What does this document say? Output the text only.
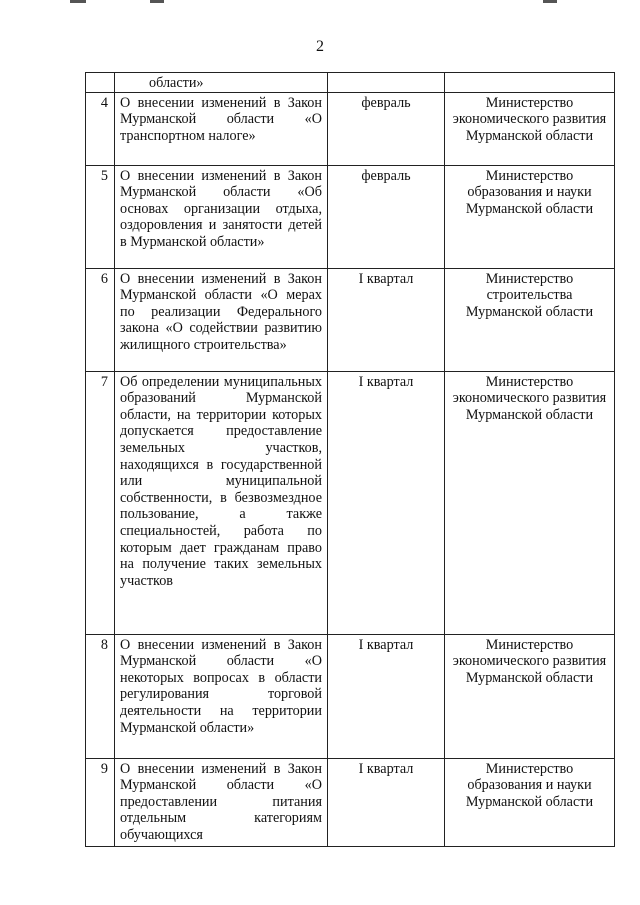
2
	области»		
4	О внесении изменений в Закон Мурманской области «О транспортном налоге»	февраль	Министерство экономического развития Мурманской области
5	О внесении изменений в Закон Мурманской области «Об основах организации отдыха, оздоровления и занятости детей в Мурманской области»	февраль	Министерство образования и науки Мурманской области
6	О внесении изменений в Закон Мурманской области «О мерах по реализации Федерального закона «О содействии развитию жилищного строительства»	I квартал	Министерство строительства Мурманской области
7	Об определении муниципальных образований Мурманской области, на территории которых допускается предоставление земельных участков, находящихся в государственной или муниципальной собственности, в безвозмездное пользование, а также специальностей, работа по которым дает гражданам право на получение таких земельных участков	I квартал	Министерство экономического развития Мурманской области
8	О внесении изменений в Закон Мурманской области «О некоторых вопросах в области регулирования торговой деятельности на территории Мурманской области»	I квартал	Министерство экономического развития Мурманской области
9	О внесении изменений в Закон Мурманской области «О предоставлении питания отдельным категориям обучающихся	I квартал	Министерство образования и науки Мурманской области
